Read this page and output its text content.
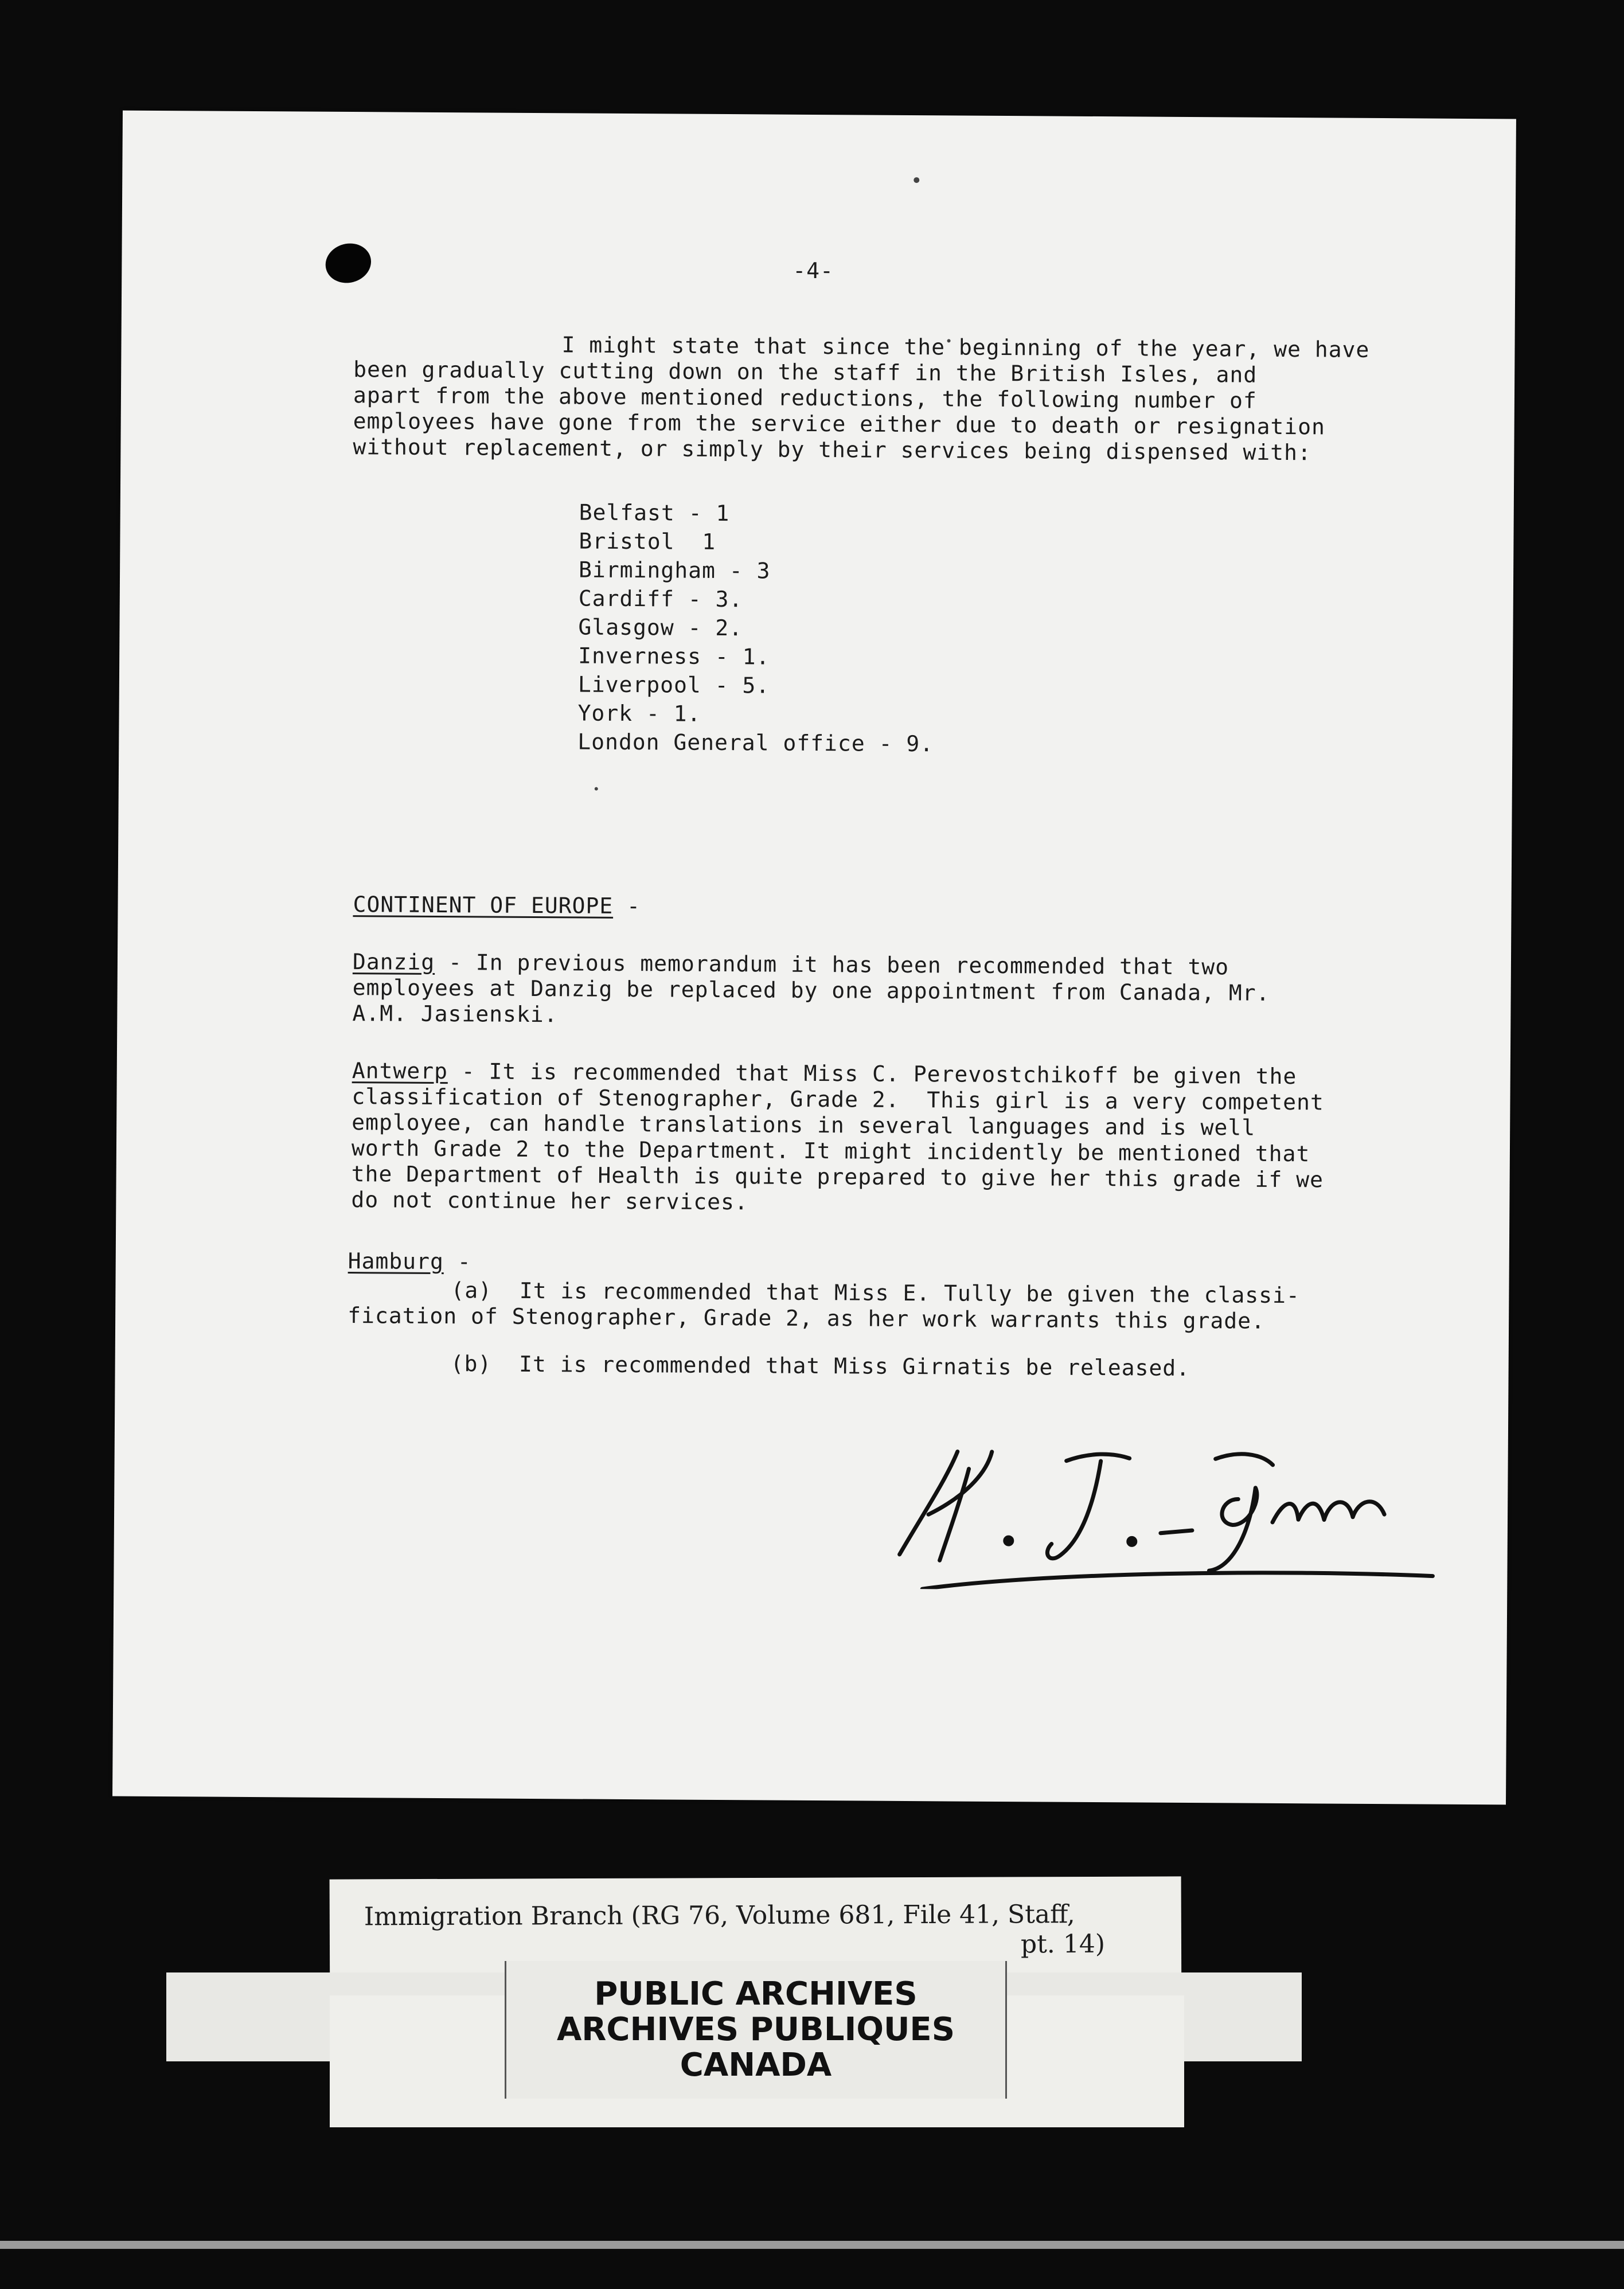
-4-

I might state that since the beginning of the year, we have

been gradually cutting down on the staff in the British Isles, and

apart from the above mentioned reductions, the following number of

employees have gone from the service either due to death or resignation

without replacement, or simply by their services being dispensed with:

Belfast - 1

Bristol  1

Birmingham - 3

Cardiff - 3.

Glasgow - 2.

Inverness - 1.

Liverpool - 5.

York - 1.

London General office - 9.

CONTINENT OF EUROPE -

Danzig - In previous memorandum it has been recommended that two

employees at Danzig be replaced by one appointment from Canada, Mr.

A.M. Jasienski.

Antwerp - It is recommended that Miss C. Perevostchikoff be given the

classification of Stenographer, Grade 2.  This girl is a very competent

employee, can handle translations in several languages and is well

worth Grade 2 to the Department. It might incidently be mentioned that

the Department of Health is quite prepared to give her this grade if we

do not continue her services.

Hamburg -

(a)  It is recommended that Miss E. Tully be given the classi-

fication of Stenographer, Grade 2, as her work warrants this grade.

(b)  It is recommended that Miss Girnatis be released.

Immigration Branch (RG 76, Volume 681, File 41, Staff,

pt. 14)

PUBLIC ARCHIVES

ARCHIVES PUBLIQUES

CANADA
